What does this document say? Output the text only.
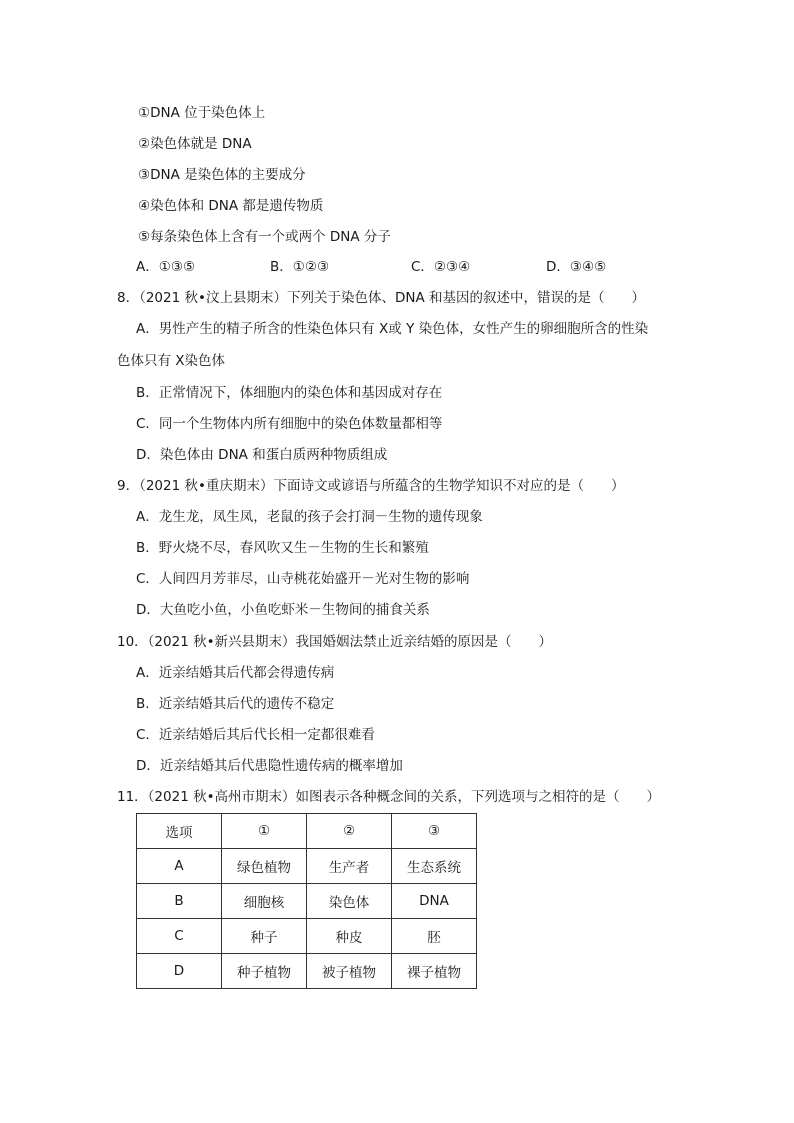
①DNA 位于染色体上
②染色体就是 DNA
③DNA 是染色体的主要成分
④染色体和 DNA 都是遗传物质
⑤每条染色体上含有一个或两个 DNA 分子
A．①③⑤	B．①②③	C．②③④	D．③④⑤
8．（2021 秋•汶上县期末）下列关于染色体、DNA 和基因的叙述中，错误的是（　　）
A．男性产生的精子所含的性染色体只有 X或 Y 染色体，女性产生的卵细胞所含的性染
色体只有 X染色体
B．正常情况下，体细胞内的染色体和基因成对存在
C．同一个生物体内所有细胞中的染色体数量都相等
D．染色体由 DNA 和蛋白质两种物质组成
9．（2021 秋•重庆期末）下面诗文或谚语与所蕴含的生物学知识不对应的是（　　）
A．龙生龙，凤生凤，老鼠的孩子会打洞－生物的遗传现象
B．野火烧不尽，春风吹又生－生物的生长和繁殖
C．人间四月芳菲尽，山寺桃花始盛开－光对生物的影响
D．大鱼吃小鱼，小鱼吃虾米－生物间的捕食关系
10．（2021 秋•新兴县期末）我国婚姻法禁止近亲结婚的原因是（　　）
A．近亲结婚其后代都会得遗传病
B．近亲结婚其后代的遗传不稳定
C．近亲结婚后其后代长相一定都很难看
D．近亲结婚其后代患隐性遗传病的概率增加
11．（2021 秋•高州市期末）如图表示各种概念间的关系，下列选项与之相符的是（　　）
选项	①	②	③
A	绿色植物	生产者	生态系统
B	细胞核	染色体	DNA
C	种子	种皮	胚
D	种子植物	被子植物	裸子植物
